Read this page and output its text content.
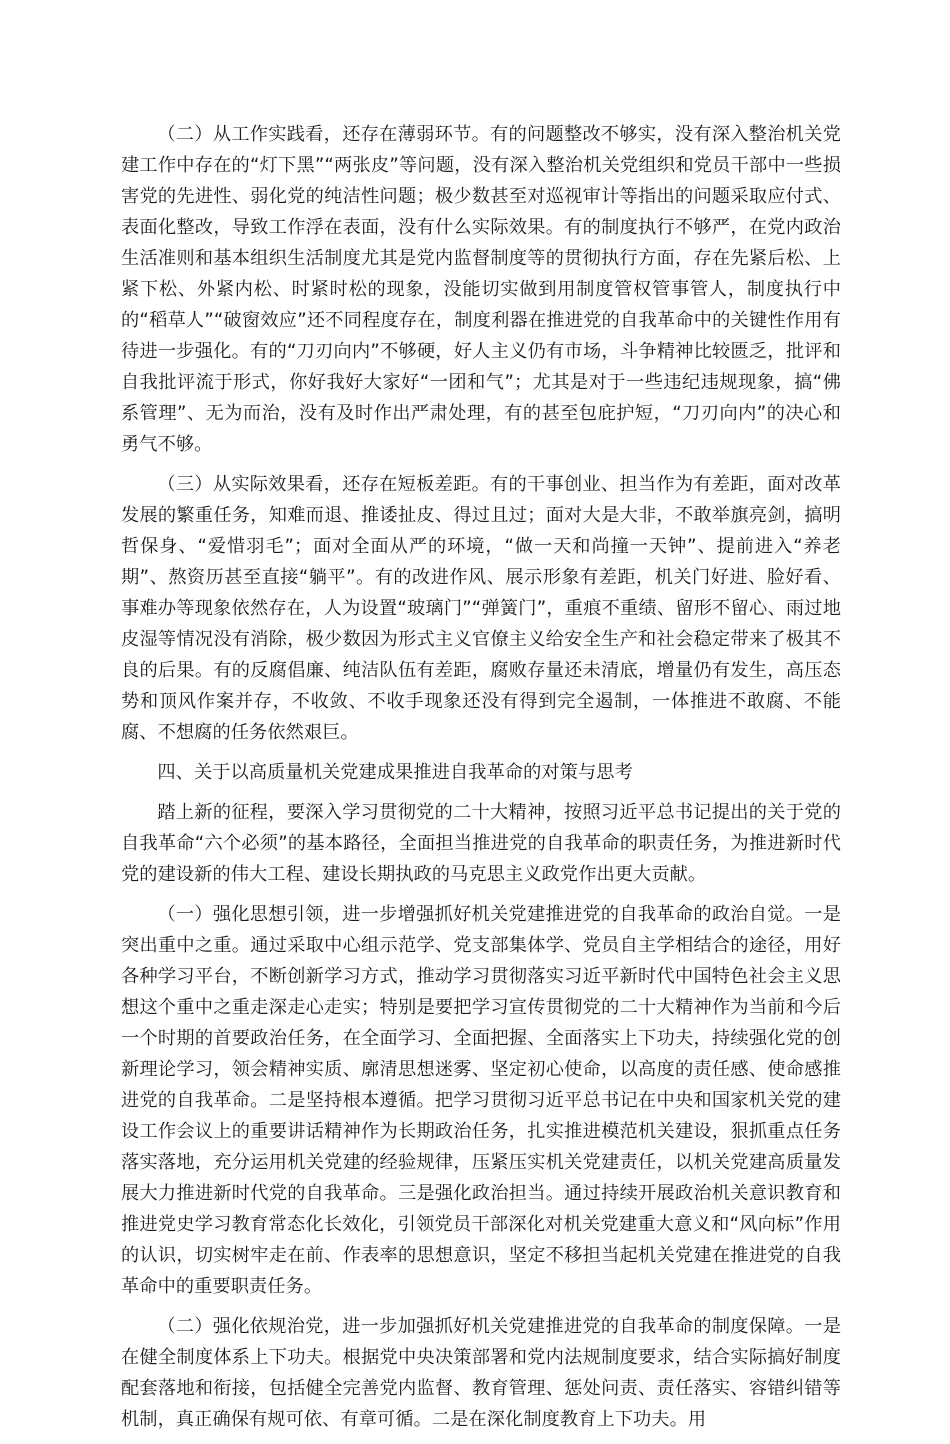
（二）从工作实践看，还存在薄弱环节。有的问题整改不够实，没有深入整治机关党建工作中存在的“灯下黑”“两张皮”等问题，没有深入整治机关党组织和党员干部中一些损害党的先进性、弱化党的纯洁性问题；极少数甚至对巡视审计等指出的问题采取应付式、表面化整改，导致工作浮在表面，没有什么实际效果。有的制度执行不够严，在党内政治生活准则和基本组织生活制度尤其是党内监督制度等的贯彻执行方面，存在先紧后松、上紧下松、外紧内松、时紧时松的现象，没能切实做到用制度管权管事管人，制度执行中的“稻草人”“破窗效应”还不同程度存在，制度利器在推进党的自我革命中的关键性作用有待进一步强化。有的“刀刃向内”不够硬，好人主义仍有市场，斗争精神比较匮乏，批评和自我批评流于形式，你好我好大家好“一团和气”；尤其是对于一些违纪违规现象，搞“佛系管理”、无为而治，没有及时作出严肃处理，有的甚至包庇护短，“刀刃向内”的决心和勇气不够。

（三）从实际效果看，还存在短板差距。有的干事创业、担当作为有差距，面对改革发展的繁重任务，知难而退、推诿扯皮、得过且过；面对大是大非，不敢举旗亮剑，搞明哲保身、“爱惜羽毛”；面对全面从严的环境，“做一天和尚撞一天钟”、提前进入“养老期”、熬资历甚至直接“躺平”。有的改进作风、展示形象有差距，机关门好进、脸好看、事难办等现象依然存在，人为设置“玻璃门”“弹簧门”，重痕不重绩、留形不留心、雨过地皮湿等情况没有消除，极少数因为形式主义官僚主义给安全生产和社会稳定带来了极其不良的后果。有的反腐倡廉、纯洁队伍有差距，腐败存量还未清底，增量仍有发生，高压态势和顶风作案并存，不收敛、不收手现象还没有得到完全遏制，一体推进不敢腐、不能腐、不想腐的任务依然艰巨。

四、关于以高质量机关党建成果推进自我革命的对策与思考

踏上新的征程，要深入学习贯彻党的二十大精神，按照习近平总书记提出的关于党的自我革命“六个必须”的基本路径，全面担当推进党的自我革命的职责任务，为推进新时代党的建设新的伟大工程、建设长期执政的马克思主义政党作出更大贡献。

（一）强化思想引领，进一步增强抓好机关党建推进党的自我革命的政治自觉。一是突出重中之重。通过采取中心组示范学、党支部集体学、党员自主学相结合的途径，用好各种学习平台，不断创新学习方式，推动学习贯彻落实习近平新时代中国特色社会主义思想这个重中之重走深走心走实；特别是要把学习宣传贯彻党的二十大精神作为当前和今后一个时期的首要政治任务，在全面学习、全面把握、全面落实上下功夫，持续强化党的创新理论学习，领会精神实质、廓清思想迷雾、坚定初心使命，以高度的责任感、使命感推进党的自我革命。二是坚持根本遵循。把学习贯彻习近平总书记在中央和国家机关党的建设工作会议上的重要讲话精神作为长期政治任务，扎实推进模范机关建设，狠抓重点任务落实落地，充分运用机关党建的经验规律，压紧压实机关党建责任，以机关党建高质量发展大力推进新时代党的自我革命。三是强化政治担当。通过持续开展政治机关意识教育和推进党史学习教育常态化长效化，引领党员干部深化对机关党建重大意义和“风向标”作用的认识，切实树牢走在前、作表率的思想意识，坚定不移担当起机关党建在推进党的自我革命中的重要职责任务。

（二）强化依规治党，进一步加强抓好机关党建推进党的自我革命的制度保障。一是在健全制度体系上下功夫。根据党中央决策部署和党内法规制度要求，结合实际搞好制度配套落地和衔接，包括健全完善党内监督、教育管理、惩处问责、责任落实、容错纠错等机制，真正确保有规可依、有章可循。二是在深化制度教育上下功夫。用
